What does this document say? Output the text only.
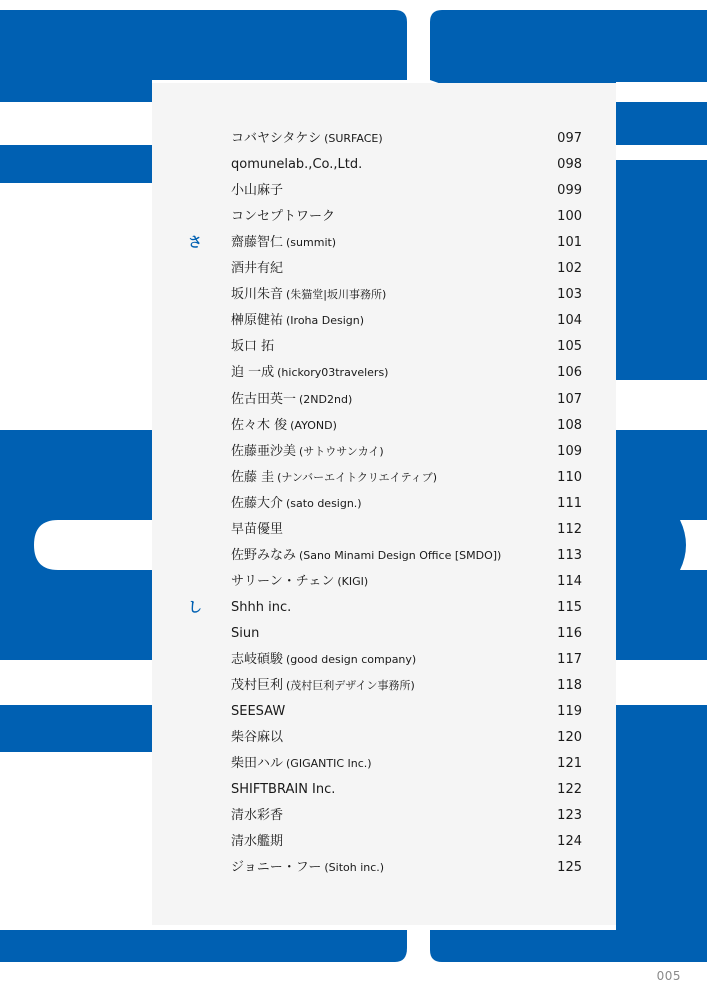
コバヤシタケシ (SURFACE)	097
qomunelab.,Co.,Ltd.	098
小山麻子	099
コンセプトワーク	100
さ 齋藤智仁 (summit)	101
酒井有紀	102
坂川朱音 (朱猫堂|坂川事務所)	103
榊原健祐 (Iroha Design)	104
坂口 拓	105
迫 一成 (hickory03travelers)	106
佐古田英一 (2ND2nd)	107
佐々木 俊 (AYOND)	108
佐藤亜沙美 (サトウサンカイ)	109
佐藤 圭 (ナンバーエイトクリエイティブ)	110
佐藤大介 (sato design.)	111
早苗優里	112
佐野みなみ (Sano Minami Design Office [SMDO])	113
サリーン・チェン (KIGI)	114
し Shhh inc.	115
Siun	116
志岐碩駿 (good design company)	117
茂村巨利 (茂村巨利デザイン事務所)	118
SEESAW	119
柴谷麻以	120
柴田ハル (GIGANTIC Inc.)	121
SHIFTBRAIN Inc.	122
清水彩香	123
清水艦期	124
ジョニー・フー (Sitoh inc.)	125
005
